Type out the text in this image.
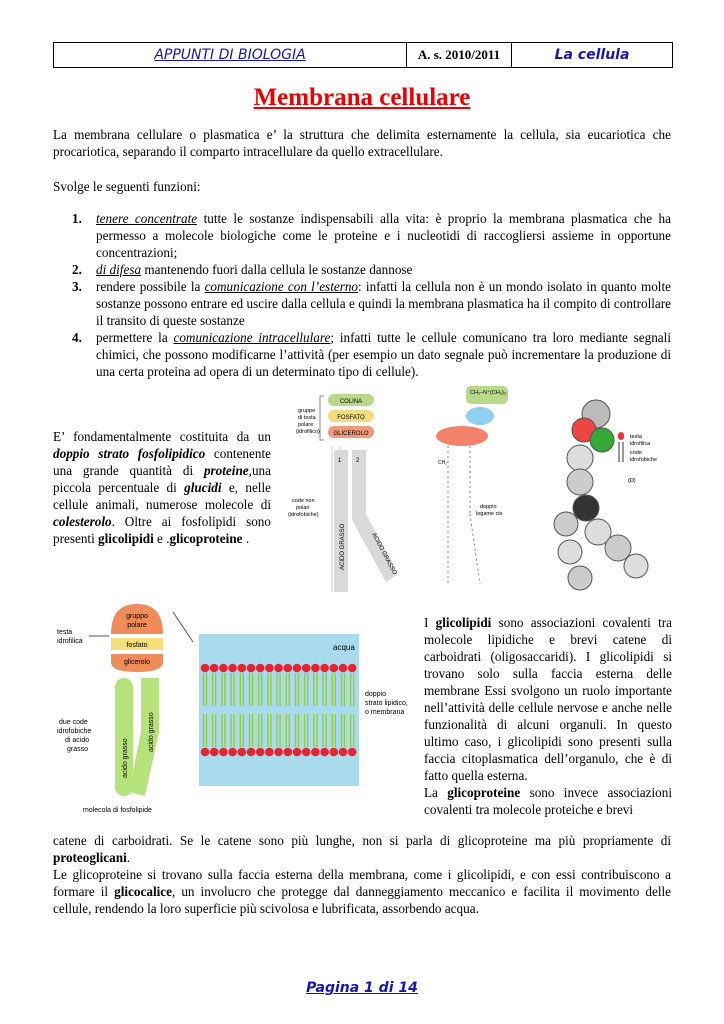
APPUNTI DI BIOLOGIA	A. s. 2010/2011	La cellula
Membrana cellulare
La membrana cellulare o plasmatica e’ la struttura che delimita esternamente la cellula, sia eucariotica che procariotica, separando il comparto intracellulare da quello extracellulare.
Svolge le seguenti funzioni:
1. tenere concentrate tutte le sostanze indispensabili alla vita: è proprio la membrana plasmatica che ha permesso a molecole biologiche come le proteine e i nucleotidi di raccogliersi assieme in opportune concentrazioni;
2. di difesa mantenendo fuori dalla cellula le sostanze dannose
3. rendere possibile la comunicazione con l’esterno: infatti la cellula non è un mondo isolato in quanto molte sostanze possono entrare ed uscire dalla cellula e quindi la membrana plasmatica ha il compito di controllare il transito di queste sostanze
4. permettere la comunicazione intracellulare; infatti tutte le cellule comunicano tra loro mediante segnali chimici, che possono modificarne l’attività (per esempio un dato segnale può incrementare la produzione di una certa proteina ad opera di un determinato tipo di cellule).
E’ fondamentalmente costituita da un doppio strato fosfolipidico contenente una grande quantità di proteine,una piccola percentuale di glucidi e, nelle cellule animali, numerose molecole di colesterolo. Oltre ai fosfolipidi sono presenti glicolipidi e .glicoproteine .
gruppo
di testa
polare
(idrofilico)
COLINA
FOSFATO
GLICEROLO
1 2
ACIDO GRASSO	ACIDO GRASSO
code non
polari
(idrofobiche)
CH₂–N⁺(CH₃)₃
CH₂
doppio
legame cis
testa
idrofilica
code
idrofobiche
(D)
testa
idrofilica
gruppo
polare
fosfato
glicerolo
acido grasso
acido grasso
due code
idrofobiche
di acido
grasso
molecola di fosfolipide
acqua
doppio
strato lipidico,
o membrana
I glicolipidi sono associazioni covalenti tra molecole lipidiche e brevi catene di carboidrati (oligosaccaridi). I glicolipidi si trovano solo sulla faccia esterna delle membrane Essi svolgono un ruolo importante nell’attività delle cellule nervose e anche nelle funzionalità di alcuni organuli. In questo ultimo caso, i glicolipidi sono presenti sulla faccia citoplasmatica dell’organulo, che è di fatto quella esterna.
La glicoproteine sono invece associazioni covalenti tra molecole proteiche e brevi
catene di carboidrati. Se le catene sono più lunghe, non si parla di glicoproteine ma più propriamente di proteoglicani.
Le glicoproteine si trovano sulla faccia esterna della membrana, come i glicolipidi, e con essi contribuiscono a formare il glicocalice, un involucro che protegge dal danneggiamento meccanico e facilita il movimento delle cellule, rendendo la loro superficie più scivolosa e lubrificata, assorbendo acqua.
Pagina 1 di 14
